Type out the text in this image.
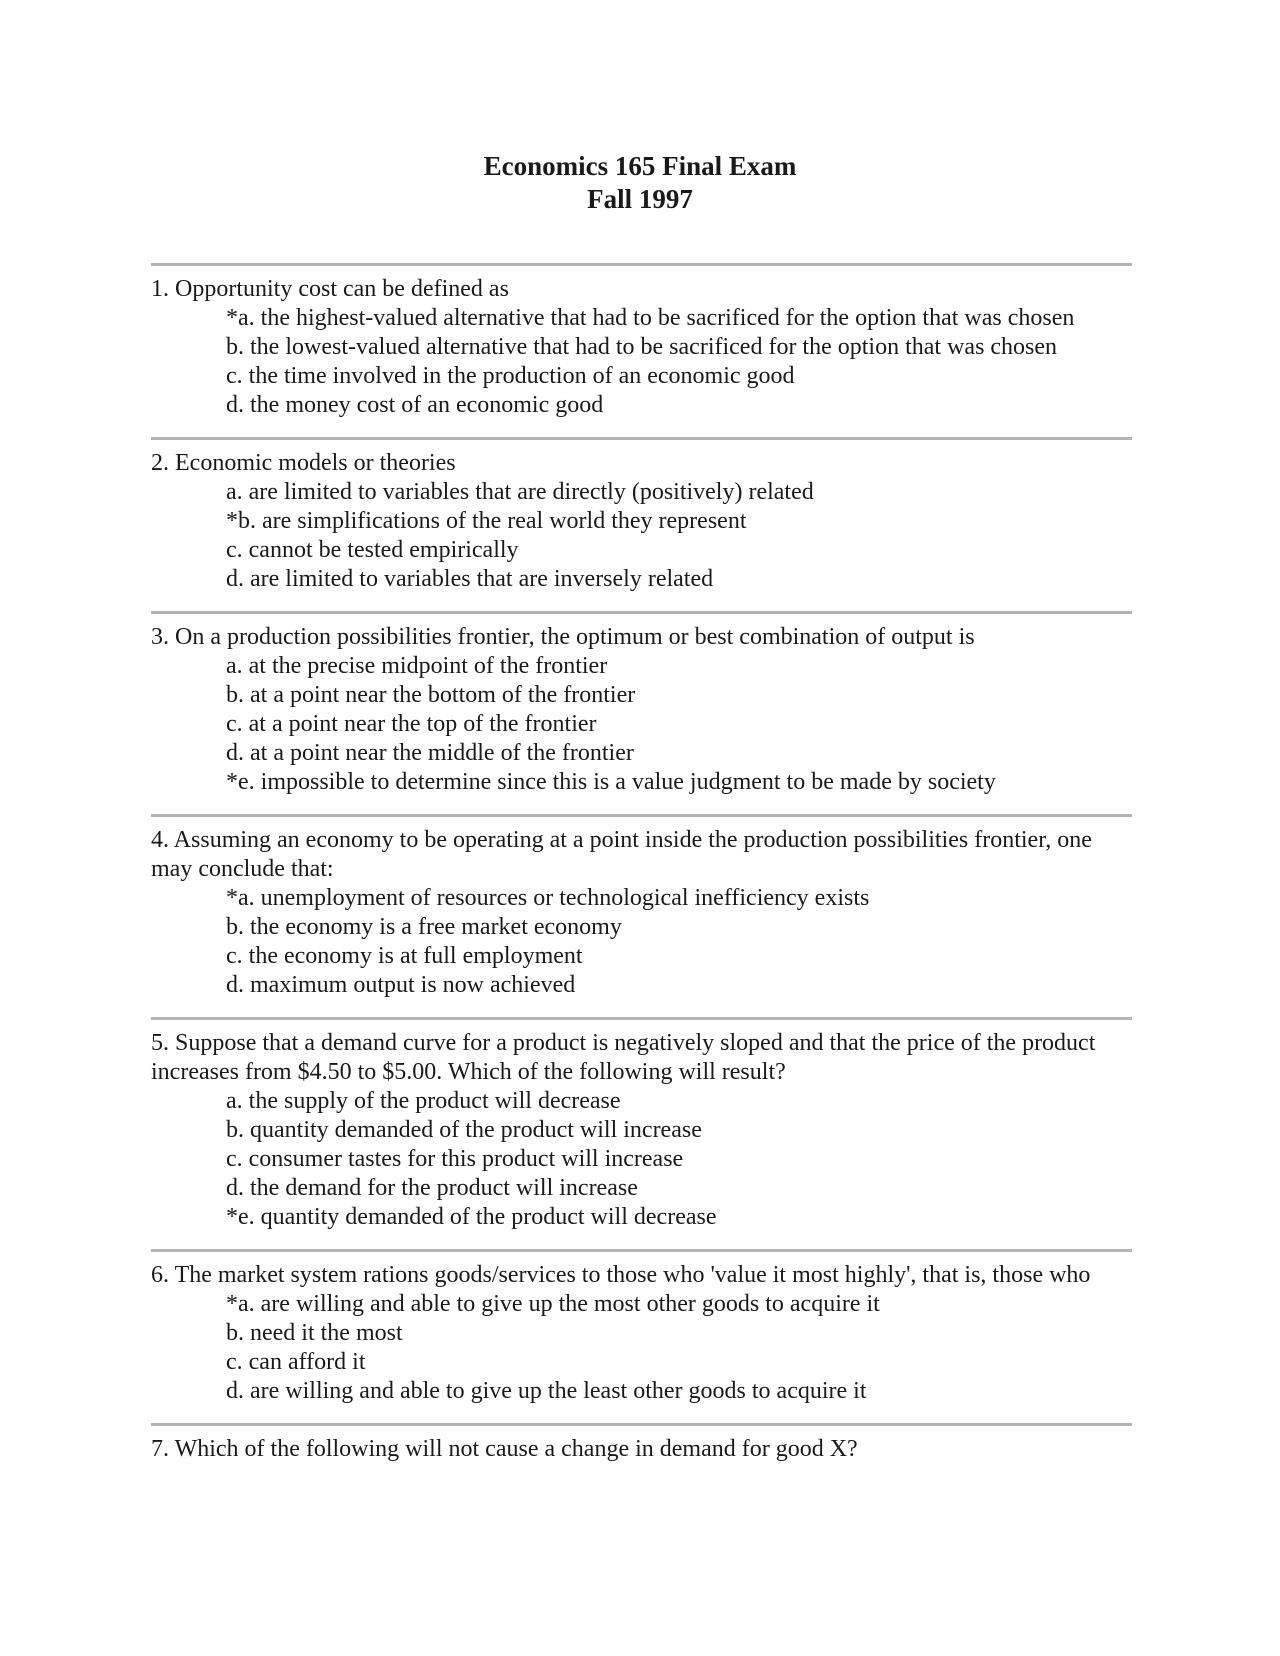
Economics 165 Final Exam
Fall 1997

1. Opportunity cost can be defined as

*a. the highest-valued alternative that had to be sacrificed for the option that was chosen
b. the lowest-valued alternative that had to be sacrificed for the option that was chosen
c. the time involved in the production of an economic good
d. the money cost of an economic good

2. Economic models or theories

a. are limited to variables that are directly (positively) related
*b. are simplifications of the real world they represent
c. cannot be tested empirically
d. are limited to variables that are inversely related

3. On a production possibilities frontier, the optimum or best combination of output is

a. at the precise midpoint of the frontier
b. at a point near the bottom of the frontier
c. at a point near the top of the frontier
d. at a point near the middle of the frontier
*e. impossible to determine since this is a value judgment to be made by society

4. Assuming an economy to be operating at a point inside the production possibilities frontier, one may conclude that:

*a. unemployment of resources or technological inefficiency exists
b. the economy is a free market economy
c. the economy is at full employment
d. maximum output is now achieved

5. Suppose that a demand curve for a product is negatively sloped and that the price of the product increases from $4.50 to $5.00. Which of the following will result?

a. the supply of the product will decrease
b. quantity demanded of the product will increase
c. consumer tastes for this product will increase
d. the demand for the product will increase
*e. quantity demanded of the product will decrease

6. The market system rations goods/services to those who 'value it most highly', that is, those who

*a. are willing and able to give up the most other goods to acquire it
b. need it the most
c. can afford it
d. are willing and able to give up the least other goods to acquire it

7. Which of the following will not cause a change in demand for good X?
